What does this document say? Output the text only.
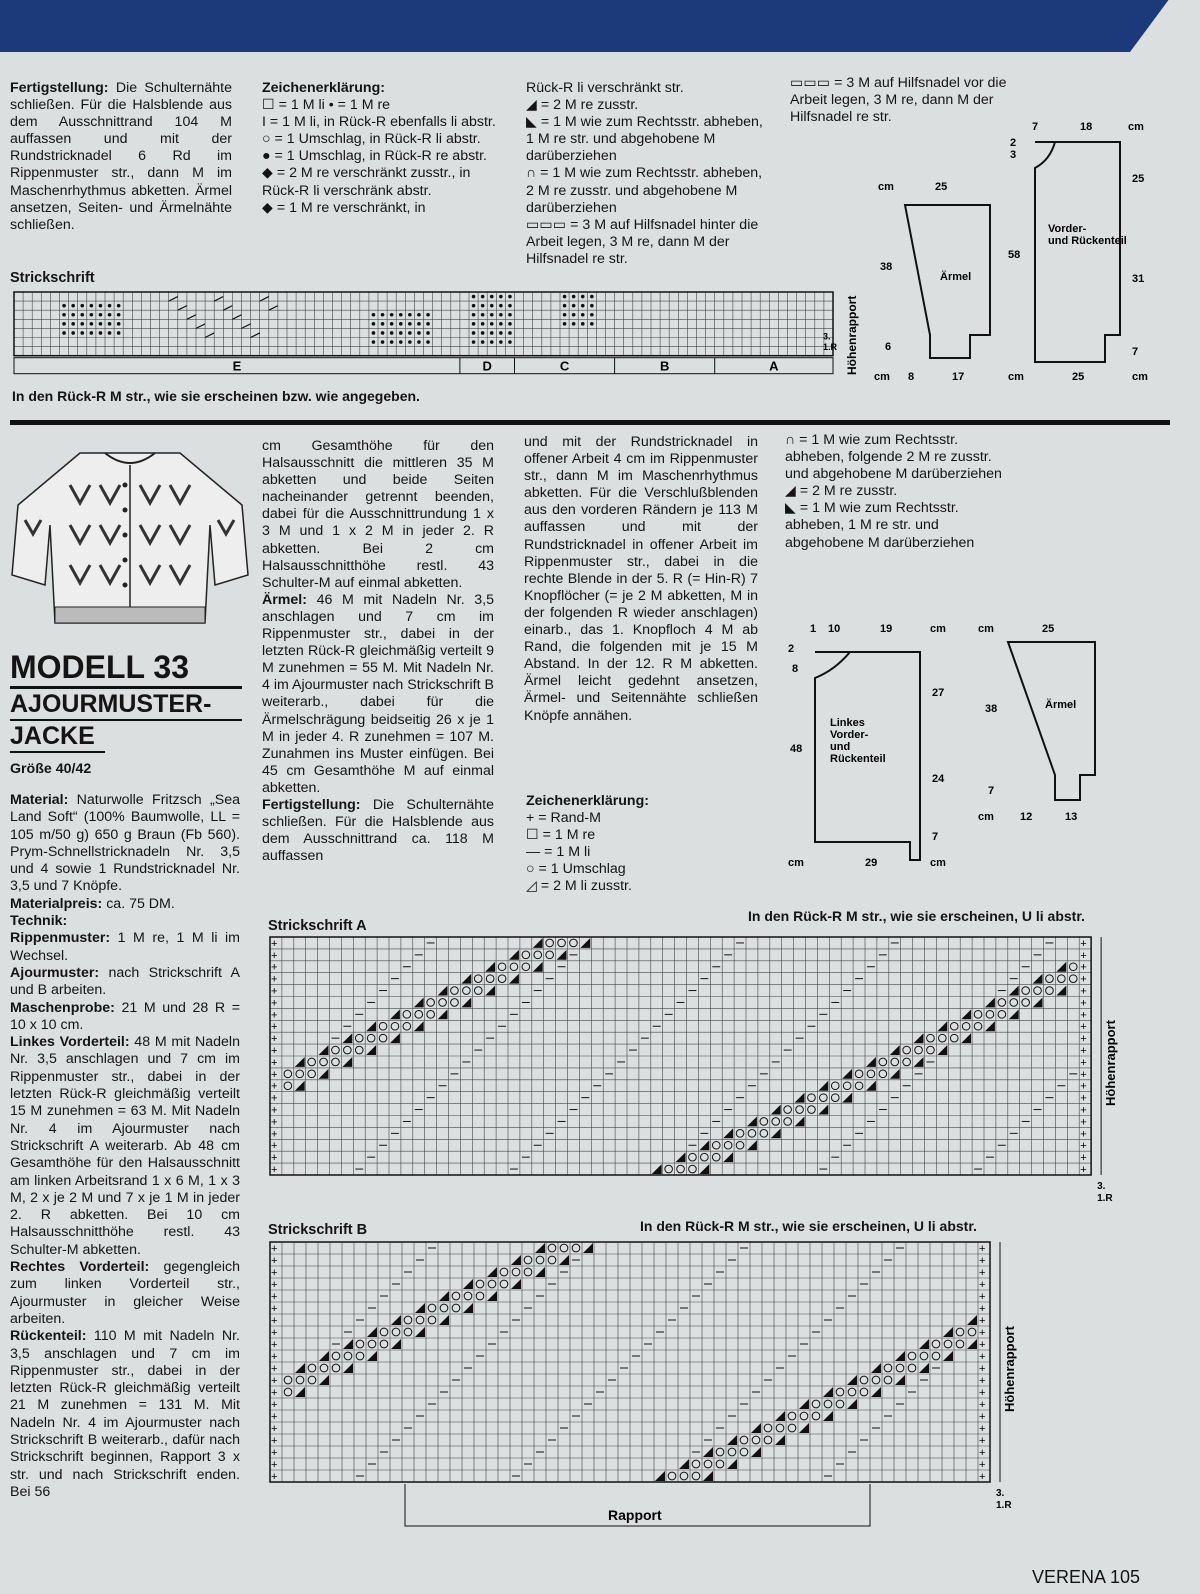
Fertigstellung: Die Schulternähte schließen. Für die Halsblende aus dem Ausschnittrand 104 M auffassen und mit der Rundstricknadel 6 Rd im Rippenmuster str., dann M im Maschenrhythmus abketten. Ärmel ansetzen, Seiten- und Ärmelnähte schließen.

Zeichenerklärung:

☐ = 1 M li • = 1 M re

I = 1 M li, in Rück-R ebenfalls li abstr.

○ = 1 Umschlag, in Rück-R li abstr.

● = 1 Umschlag, in Rück-R re abstr.

◆ = 2 M re verschränkt zusstr., in Rück-R li verschränk abstr.

◆ = 1 M re verschränkt, in

Rück-R li verschränkt str.

◢ = 2 M re zusstr.

◣ = 1 M wie zum Rechtsstr. abheben, 1 M re str. und abgehobene M darüberziehen

∩ = 1 M wie zum Rechtsstr. abheben, 2 M re zusstr. und abgehobene M darüberziehen

▭▭▭ = 3 M auf Hilfsnadel hinter die Arbeit legen, 3 M re, dann M der Hilfsnadel re str.

▭▭▭ = 3 M auf Hilfsnadel vor die Arbeit legen, 3 M re, dann M der Hilfsnadel re str.

Strickschrift
E	D	C	B	A
3.
1.R
In den Rück-R M str., wie sie erscheinen bzw. wie angegeben.
Ärmel
cm	25
38
6
cm 8	17
Vorder-
und Rückenteil
7	18	cm
2
3
58
25
31
7
cm	25	cm
Höhenrapport
MODELL 33
AJOURMUSTER-
JACKE
Größe 40/42

Material: Naturwolle Fritzsch „Sea Land Soft“ (100% Baumwolle, LL = 105 m/50 g) 650 g Braun (Fb 560). Prym-Schnellstricknadeln Nr. 3,5 und 4 sowie 1 Rundstricknadel Nr. 3,5 und 7 Knöpfe.

Materialpreis: ca. 75 DM.

Technik:

Rippenmuster: 1 M re, 1 M li im Wechsel.

Ajourmuster: nach Strickschrift A und B arbeiten.

Maschenprobe: 21 M und 28 R = 10 x 10 cm.

Linkes Vorderteil: 48 M mit Nadeln Nr. 3,5 anschlagen und 7 cm im Rippenmuster str., dabei in der letzten Rück-R gleichmäßig verteilt 15 M zunehmen = 63 M. Mit Nadeln Nr. 4 im Ajourmuster nach Strickschrift A weiterarb. Ab 48 cm Gesamthöhe für den Halsausschnitt am linken Arbeitsrand 1 x 6 M, 1 x 3 M, 2 x je 2 M und 7 x je 1 M in jeder 2. R abketten. Bei 10 cm Halsausschnitthöhe restl. 43 Schulter-M abketten.

Rechtes Vorderteil: gegengleich zum linken Vorderteil str., Ajourmuster in gleicher Weise arbeiten.

Rückenteil: 110 M mit Nadeln Nr. 3,5 anschlagen und 7 cm im Rippenmuster str., dabei in der letzten Rück-R gleichmäßig verteilt 21 M zunehmen = 131 M. Mit Nadeln Nr. 4 im Ajourmuster nach Strickschrift B weiterarb., dafür nach Strickschrift beginnen, Rapport 3 x str. und nach Strickschrift enden. Bei 56

cm Gesamthöhe für den Halsausschnitt die mittleren 35 M abketten und beide Seiten nacheinander getrennt beenden, dabei für die Ausschnittrundung 1 x 3 M und 1 x 2 M in jeder 2. R abketten. Bei 2 cm Halsausschnitthöhe restl. 43 Schulter-M auf einmal abketten.

Ärmel: 46 M mit Nadeln Nr. 3,5 anschlagen und 7 cm im Rippenmuster str., dabei in der letzten Rück-R gleichmäßig verteilt 9 M zunehmen = 55 M. Mit Nadeln Nr. 4 im Ajourmuster nach Strickschrift B weiterarb., dabei für die Ärmelschrägung beidseitig 26 x je 1 M in jeder 4. R zunehmen = 107 M. Zunahmen ins Muster einfügen. Bei 45 cm Gesamthöhe M auf einmal abketten.

Fertigstellung: Die Schulternähte schließen. Für die Halsblende aus dem Ausschnittrand ca. 118 M auffassen

und mit der Rundstricknadel in offener Arbeit 4 cm im Rippenmuster str., dann M im Maschenrhythmus abketten. Für die Verschlußblenden aus den vorderen Rändern je 113 M auffassen und mit der Rundstricknadel in offener Arbeit im Rippenmuster str., dabei in die rechte Blende in der 5. R (= Hin-R) 7 Knopflöcher (= je 2 M abketten, M in der folgenden R wieder anschlagen) einarb., das 1. Knopfloch 4 M ab Rand, die folgenden mit je 15 M Abstand. In der 12. R M abketten. Ärmel leicht gedehnt ansetzen, Ärmel- und Seitennähte schließen Knöpfe annähen.

Zeichenerklärung:

+ = Rand-M

☐ = 1 M re

— = 1 M li

○ = 1 Umschlag

◿ = 2 M li zusstr.

∩ = 1 M wie zum Rechtsstr. abheben, folgende 2 M re zusstr. und abgehobene M darüberziehen

◢ = 2 M re zusstr.

◣ = 1 M wie zum Rechtsstr. abheben, 1 M re str. und abgehobene M darüberziehen

Linkes
Vorder-
und
Rückenteil
1 10	19	cm
2
8
48
27
24
7
cm	29	cm
Ärmel
cm	25
38
7
cm 12	13
Strickschrift A
In den Rück-R M str., wie sie erscheinen, U li abstr.
+
+
+
+
+
+
+
+
+
+
+
+
+
+
+
+
+
+
+
+
+
+
+
+
+
+
+
+
+
+
+
+
+
+
+
+
+
+
+
+
Höhenrapport
3.
1.R
Strickschrift B	In den Rück-R M str., wie sie erscheinen, U li abstr.
+
+
+
+
+
+
+
+
+
+
+
+
+
+
+
+
+
+
+
+
+
+
+
+
+
+
+
+
+
+
+
+
+
+
+
+
+
+
+
+
Höhenrapport
3.
1.R
Rapport
VERENA 105
